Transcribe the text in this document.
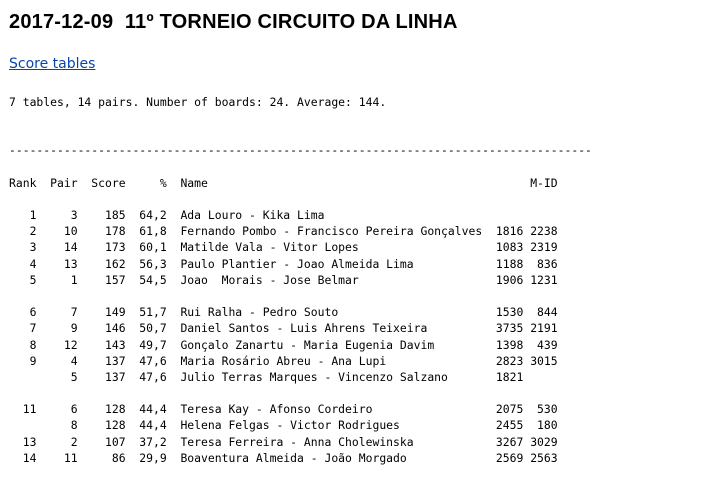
2017-12-09  11º TORNEIO CIRCUITO DA LINHA
Score tables
7 tables, 14 pairs. Number of boards: 24. Average: 144.
-------------------------------------------------------------------------------------
Rank  Pair  Score     %  Name                                               M-ID
1     3    185  64,2  Ada Louro - Kika Lima
2    10    178  61,8  Fernando Pombo - Francisco Pereira Gonçalves  1816 2238
3    14    173  60,1  Matilde Vala - Vitor Lopes                    1083 2319
4    13    162  56,3  Paulo Plantier - Joao Almeida Lima            1188  836
5     1    157  54,5  Joao  Morais - Jose Belmar                    1906 1231
6     7    149  51,7  Rui Ralha - Pedro Souto                       1530  844
7     9    146  50,7  Daniel Santos - Luis Ahrens Teixeira          3735 2191
8    12    143  49,7  Gonçalo Zanartu - Maria Eugenia Davim         1398  439
9     4    137  47,6  Maria Rosário Abreu - Ana Lupi                2823 3015
5    137  47,6  Julio Terras Marques - Vincenzo Salzano       1821
11     6    128  44,4  Teresa Kay - Afonso Cordeiro                  2075  530
8    128  44,4  Helena Felgas - Victor Rodrigues              2455  180
13     2    107  37,2  Teresa Ferreira - Anna Cholewinska            3267 3029
14    11     86  29,9  Boaventura Almeida - João Morgado             2569 2563
